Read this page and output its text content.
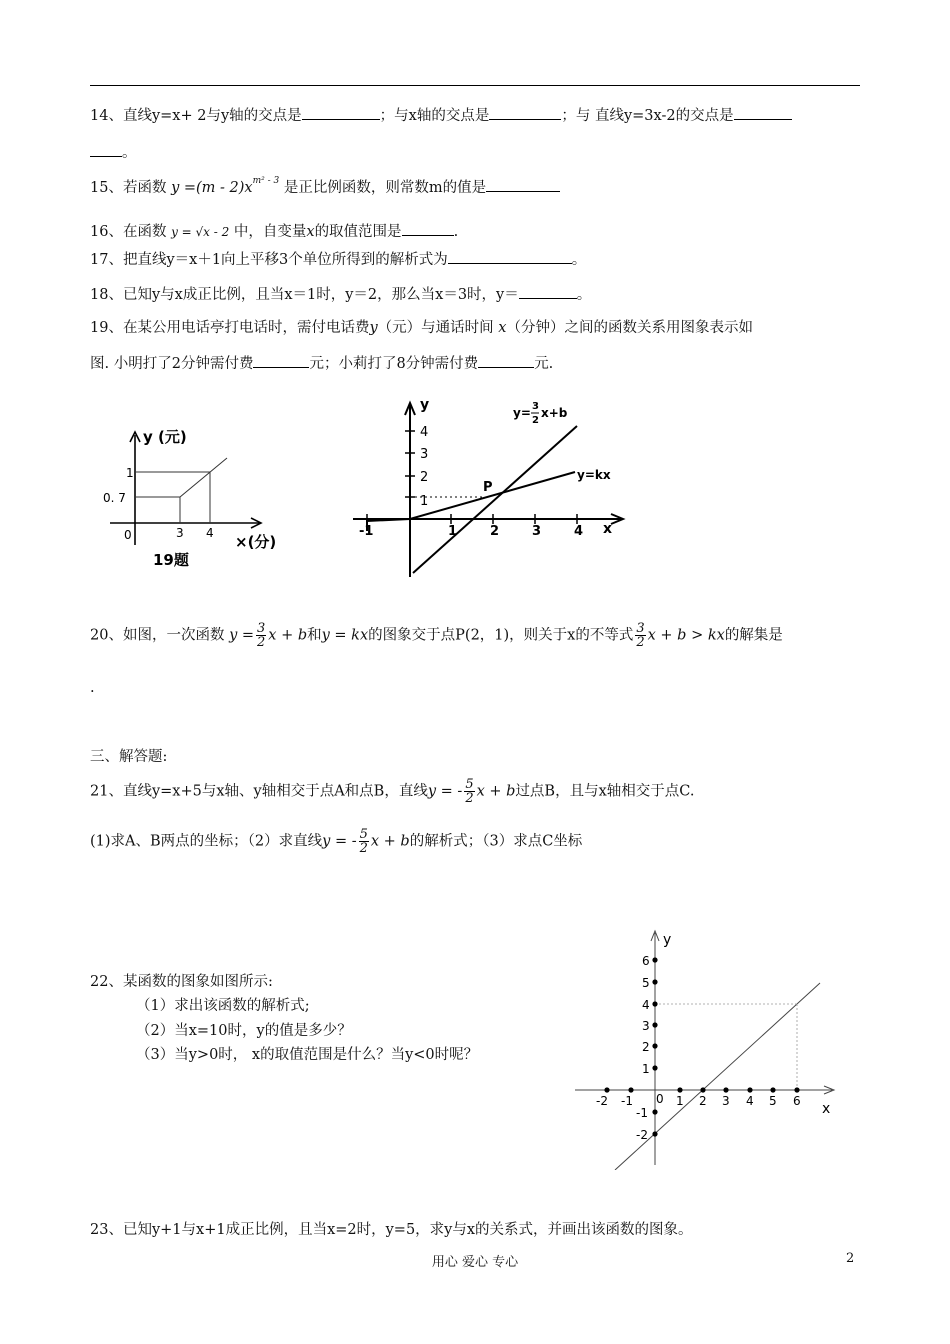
14、直线y=x+ 2与y轴的交点是	；与x轴的交点是	；与 直线y=3x-2的交点是
。
15、若函数 $y =(m - 2)x^{m^2 - 3}$ 是正比例函数，则常数m的值是
16、在函数 y = √x - 2 中，自变量x的取值范围是	.
17、把直线y＝x＋1向上平移3个单位所得到的解析式为	。
18、已知y与x成正比例，且当x＝1时，y＝2，那么当x＝3时，y＝	。
19、在某公用电话亭打电话时，需付电话费y（元）与通话时间 x（分钟）之间的函数关系用图象表示如
图. 小明打了2分钟需付费	元；小莉打了8分钟需付费	元.
y (元)
1
0. 7
0	3 4 ×(分)
19题
y
x
y= 3
2
x+b
y=kx
P
4
3
2
1
-1	1	2	3	4
20、如图，一次函数 $y = \frac{3}{2}$ x + b和y = kx的图象交于点P(2，1)，则关于x的不等式 $\frac{3}{2}$ x + b > kx的解集是
.
三、解答题:
21、直线y=x+5与x轴、y轴相交于点A和点B，直线y = - $\frac{5}{2}$ x + b过点B，且与x轴相交于点C.
(1)求A、B两点的坐标；（2）求直线y = - $\frac{5}{2}$ x + b的解析式；（3）求点C坐标
22、某函数的图象如图所示:
（1）求出该函数的解析式;
（2）当x=10时，y的值是多少？
（3）当y>0时， x的取值范围是什么？当y<0时呢？
y
x
-2 -1 0 1 2 3 4 5 6
6
5
4
3
2
1
-1
-2
23、已知y+1与x+1成正比例，且当x=2时，y=5，求y与x的关系式，并画出该函数的图象。
用心 爱心 专心	2
